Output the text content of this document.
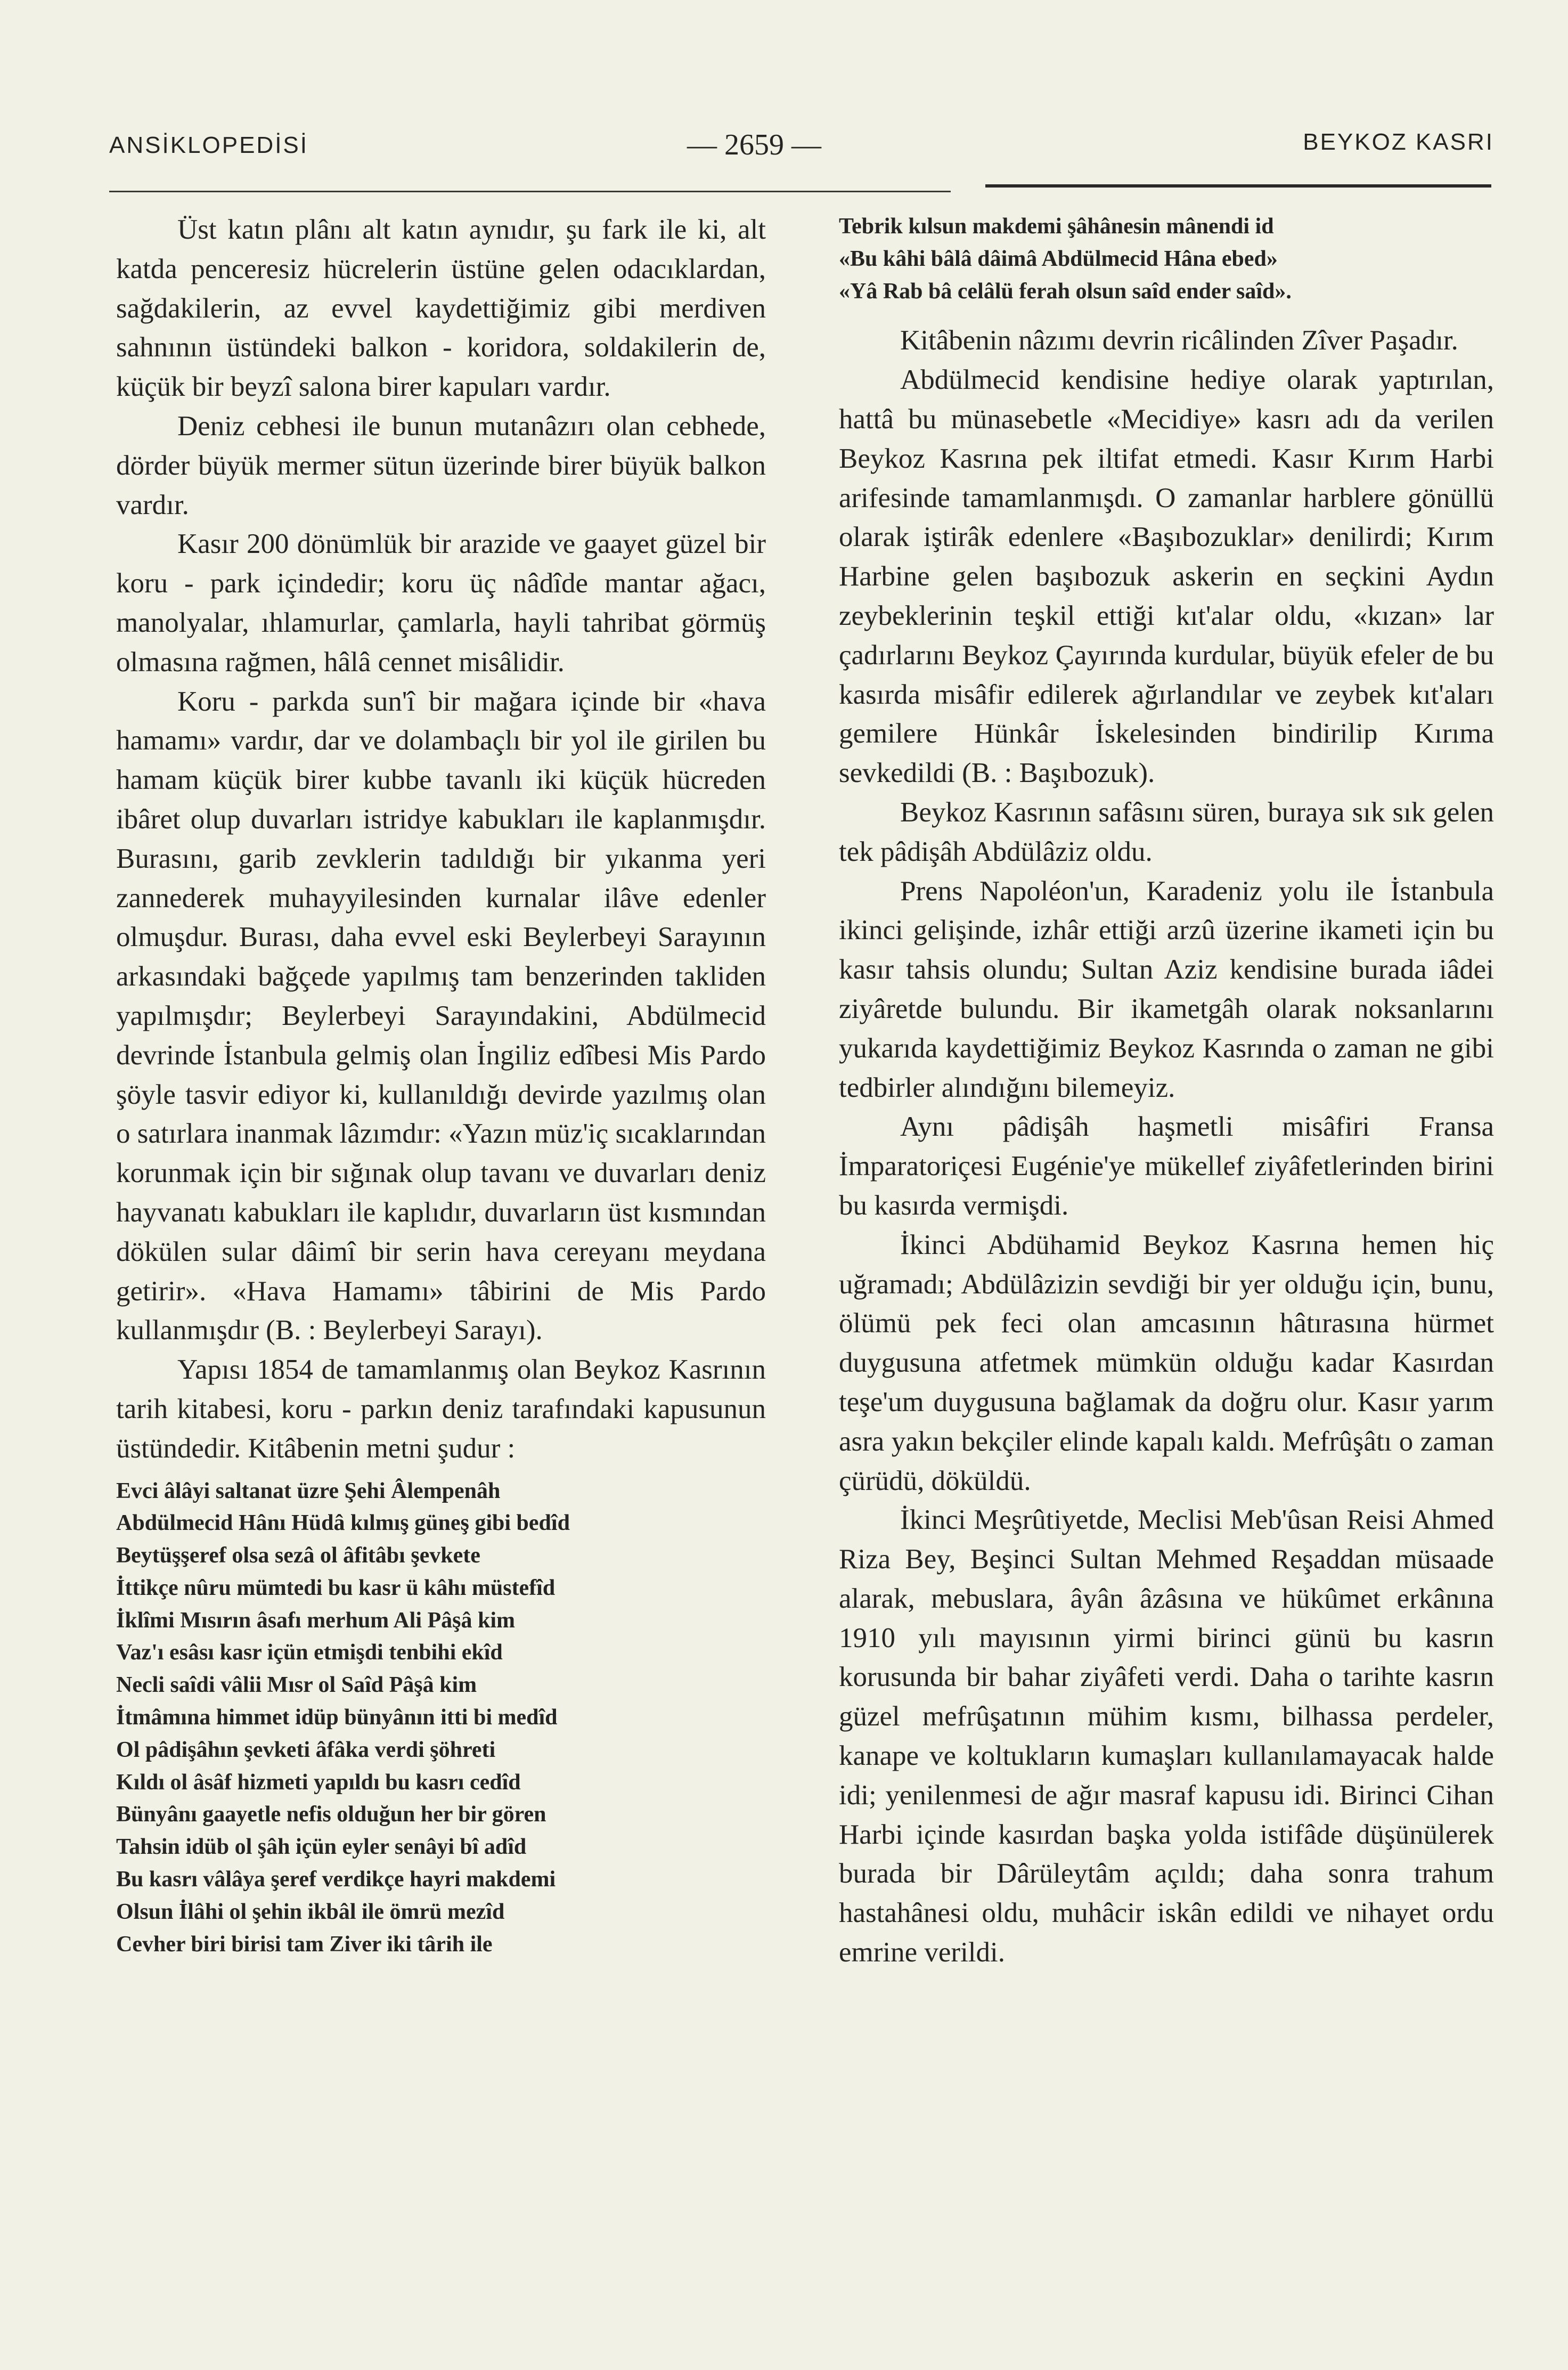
ANSİKLOPEDİSİ	— 2659 —	BEYKOZ KASRI

Üst katın plânı alt katın aynıdır, şu fark ile ki, alt katda penceresiz hücrelerin üstüne gelen odacıklardan, sağdakilerin, az evvel kaydettiğimiz gibi merdiven sahnının üstündeki balkon - koridora, soldakilerin de, küçük bir beyzî salona birer kapuları vardır.

Deniz cebhesi ile bunun mutanâzırı olan cebhede, dörder büyük mermer sütun üzerinde birer büyük balkon vardır.

Kasır 200 dönümlük bir arazide ve gaayet güzel bir koru - park içindedir; koru üç nâdîde mantar ağacı, manolyalar, ıhlamurlar, çamlarla, hayli tahribat görmüş olmasına rağmen, hâlâ cennet misâlidir.

Koru - parkda sun'î bir mağara içinde bir «hava hamamı» vardır, dar ve dolambaçlı bir yol ile girilen bu hamam küçük birer kubbe tavanlı iki küçük hücreden ibâret olup duvarları istridye kabukları ile kaplanmışdır. Burasını, garib zevklerin tadıldığı bir yıkanma yeri zannederek muhayyilesinden kurnalar ilâve edenler olmuşdur. Burası, daha evvel eski Beylerbeyi Sarayının arkasındaki bağçede yapılmış tam benzerinden takliden yapılmışdır; Beylerbeyi Sarayındakini, Abdülmecid devrinde İstanbula gelmiş olan İngiliz edîbesi Mis Pardo şöyle tasvir ediyor ki, kullanıldığı devirde yazılmış olan o satırlara inanmak lâzımdır: «Yazın müz'iç sıcaklarından korunmak için bir sığınak olup tavanı ve duvarları deniz hayvanatı kabukları ile kaplıdır, duvarların üst kısmından dökülen sular dâimî bir serin hava cereyanı meydana getirir». «Hava Hamamı» tâbirini de Mis Pardo kullanmışdır (B. : Beylerbeyi Sarayı).

Yapısı 1854 de tamamlanmış olan Beykoz Kasrının tarih kitabesi, koru - parkın deniz tarafındaki kapusunun üstündedir. Kitâbenin metni şudur :

Evci âlâyi saltanat üzre Şehi Âlempenâh
Abdülmecid Hânı Hüdâ kılmış güneş gibi bedîd
Beytüşşeref olsa sezâ ol âfitâbı şevkete
İttikçe nûru mümtedi bu kasr ü kâhı müstefîd
İklîmi Mısırın âsafı merhum Ali Pâşâ kim
Vaz'ı esâsı kasr içün etmişdi tenbihi ekîd
Necli saîdi vâlii Mısr ol Saîd Pâşâ kim
İtmâmına himmet idüp bünyânın itti bi medîd
Ol pâdişâhın şevketi âfâka verdi şöhreti
Kıldı ol âsâf hizmeti yapıldı bu kasrı cedîd
Bünyânı gaayetle nefis olduğun her bir gören
Tahsin idüb ol şâh içün eyler senâyi bî adîd
Bu kasrı vâlâya şeref verdikçe hayri makdemi
Olsun İlâhi ol şehin ikbâl ile ömrü mezîd
Cevher biri birisi tam Ziver iki târih ile
Tebrik kılsun makdemi şâhânesin mânendi id
«Bu kâhi bâlâ dâimâ Abdülmecid Hâna ebed»
«Yâ Rab bâ celâlü ferah olsun saîd ender saîd».

Kitâbenin nâzımı devrin ricâlinden Zîver Paşadır.

Abdülmecid kendisine hediye olarak yaptırılan, hattâ bu münasebetle «Mecidiye» kasrı adı da verilen Beykoz Kasrına pek iltifat etmedi. Kasır Kırım Harbi arifesinde tamamlanmışdı. O zamanlar harblere gönüllü olarak iştirâk edenlere «Başıbozuklar» denilirdi; Kırım Harbine gelen başıbozuk askerin en seçkini Aydın zeybeklerinin teşkil ettiği kıt'alar oldu, «kızan» lar çadırlarını Beykoz Çayırında kurdular, büyük efeler de bu kasırda misâfir edilerek ağırlandılar ve zeybek kıt'aları gemilere Hünkâr İskelesinden bindirilip Kırıma sevkedildi (B. : Başıbozuk).

Beykoz Kasrının safâsını süren, buraya sık sık gelen tek pâdişâh Abdülâziz oldu.

Prens Napoléon'un, Karadeniz yolu ile İstanbula ikinci gelişinde, izhâr ettiği arzû üzerine ikameti için bu kasır tahsis olundu; Sultan Aziz kendisine burada iâdei ziyâretde bulundu. Bir ikametgâh olarak noksanlarını yukarıda kaydettiğimiz Beykoz Kasrında o zaman ne gibi tedbirler alındığını bilemeyiz.

Aynı pâdişâh haşmetli misâfiri Fransa İmparatoriçesi Eugénie'ye mükellef ziyâfetlerinden birini bu kasırda vermişdi.

İkinci Abdühamid Beykoz Kasrına hemen hiç uğramadı; Abdülâzizin sevdiği bir yer olduğu için, bunu, ölümü pek feci olan amcasının hâtırasına hürmet duygusuna atfetmek mümkün olduğu kadar Kasırdan teşe'um duygusuna bağlamak da doğru olur. Kasır yarım asra yakın bekçiler elinde kapalı kaldı. Mefrûşâtı o zaman çürüdü, döküldü.

İkinci Meşrûtiyetde, Meclisi Meb'ûsan Reisi Ahmed Riza Bey, Beşinci Sultan Mehmed Reşaddan müsaade alarak, mebuslara, âyân âzâsına ve hükûmet erkânına 1910 yılı mayısının yirmi birinci günü bu kasrın korusunda bir bahar ziyâfeti verdi. Daha o tarihte kasrın güzel mefrûşatının mühim kısmı, bilhassa perdeler, kanape ve koltukların kumaşları kullanılamayacak halde idi; yenilenmesi de ağır masraf kapusu idi. Birinci Cihan Harbi içinde kasırdan başka yolda istifâde düşünülerek burada bir Dârüleytâm açıldı; daha sonra trahum hastahânesi oldu, muhâcir iskân edildi ve nihayet ordu emrine verildi.
